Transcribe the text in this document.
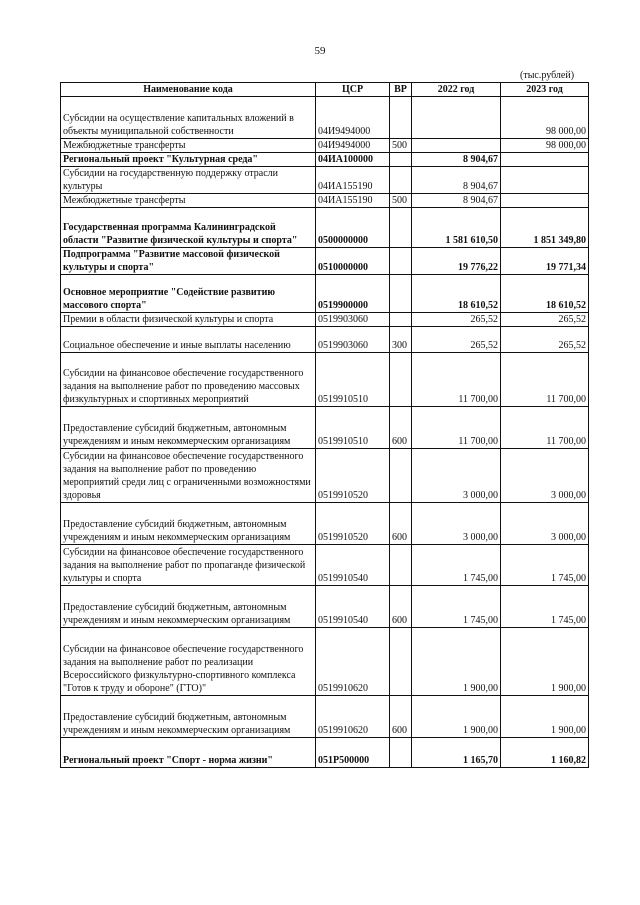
59
(тыс.рублей)
Наименование кода	ЦСР	ВР	2022 год	2023 год
Субсидии на осуществление капитальных вложений в объекты муниципальной собственности	04И9494000			98 000,00
Межбюджетные трансферты	04И9494000	500		98 000,00
Региональный проект "Культурная среда"	04ИА100000		8 904,67	
Субсидии на государственную поддержку отрасли культуры	04ИА155190		8 904,67	
Межбюджетные трансферты	04ИА155190	500	8 904,67	
Государственная программа Калининградской области "Развитие физической культуры и спорта"	0500000000		1 581 610,50	1 851 349,80
Подпрограмма "Развитие массовой физической культуры и спорта"	0510000000		19 776,22	19 771,34
Основное мероприятие "Содействие развитию массового спорта"	0519900000		18 610,52	18 610,52
Премии в области физической культуры и спорта	0519903060		265,52	265,52
Социальное обеспечение и иные выплаты населению	0519903060	300	265,52	265,52
Субсидии на финансовое обеспечение государственного задания на выполнение работ по проведению массовых физкультурных и спортивных мероприятий	0519910510		11 700,00	11 700,00
Предоставление субсидий бюджетным, автономным учреждениям и иным некоммерческим организациям	0519910510	600	11 700,00	11 700,00
Субсидии на финансовое обеспечение государственного задания на выполнение работ по проведению мероприятий среди лиц с ограниченными возможностями здоровья	0519910520		3 000,00	3 000,00
Предоставление субсидий бюджетным, автономным учреждениям и иным некоммерческим организациям	0519910520	600	3 000,00	3 000,00
Субсидии на финансовое обеспечение государственного задания на выполнение работ по пропаганде физической культуры и спорта	0519910540		1 745,00	1 745,00
Предоставление субсидий бюджетным, автономным учреждениям и иным некоммерческим организациям	0519910540	600	1 745,00	1 745,00
Субсидии на финансовое обеспечение государственного задания на выполнение работ по реализации Всероссийского физкультурно-спортивного комплекса "Готов к труду и обороне" (ГТО)"	0519910620		1 900,00	1 900,00
Предоставление субсидий бюджетным, автономным учреждениям и иным некоммерческим организациям	0519910620	600	1 900,00	1 900,00
Региональный проект "Спорт - норма жизни"	051P500000		1 165,70	1 160,82
